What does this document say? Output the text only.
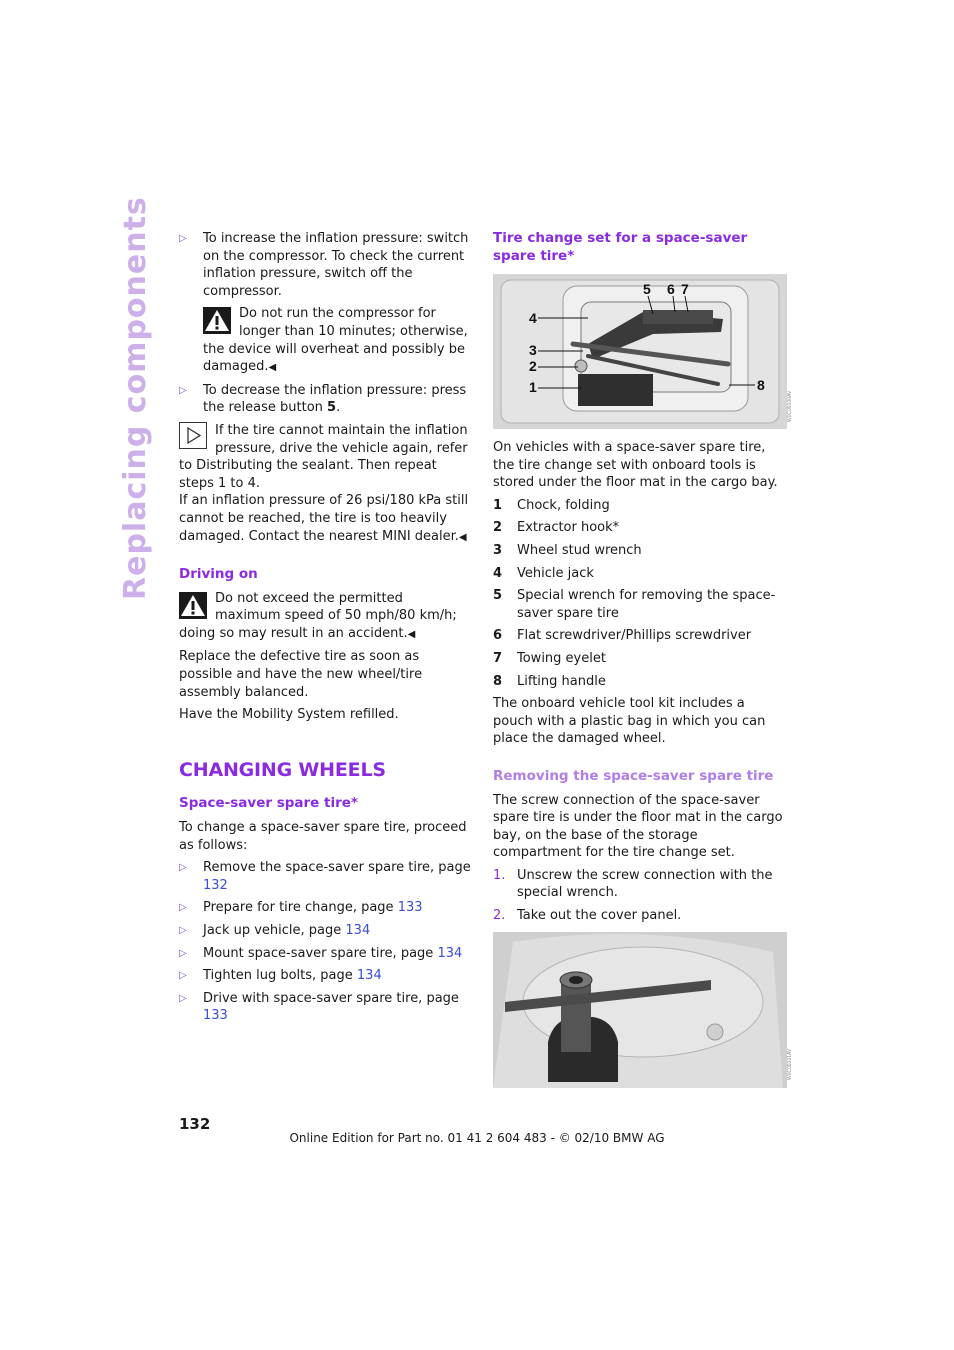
Replacing components	▷ To increase the inflation pressure: switch on the compressor. To check the current inflation pressure, switch off the compressor.
Do not run the compressor for longer than 10 minutes; otherwise, the device will overheat and possibly be damaged.◀
▷ To decrease the inflation pressure: press the release button 5.
If the tire cannot maintain the inflation pressure, drive the vehicle again, refer to Distributing the sealant. Then repeat steps 1 to 4.
If an inflation pressure of 26 psi/180 kPa still cannot be reached, the tire is too heavily damaged. Contact the nearest MINI dealer.◀
Driving on
Do not exceed the permitted maximum speed of 50 mph/80 km/h; doing so may result in an accident.◀

Replace the defective tire as soon as possible and have the new wheel/tire assembly balanced.

Have the Mobility System refilled.

CHANGING WHEELS
Space-saver spare tire*

To change a space-saver spare tire, proceed as follows:

▷ Remove the space-saver spare tire, page 132
▷ Prepare for tire change, page 133
▷ Jack up vehicle, page 134
▷ Mount space-saver spare tire, page 134
▷ Tighten lug bolts, page 134
▷ Drive with space-saver spare tire, page 133
Tire change set for a space-saver spare tire*
1
2
3
4
5 6 7
8
W0C09100AV

On vehicles with a space-saver spare tire, the tire change set with onboard tools is stored under the floor mat in the cargo bay.

1 Chock, folding
2 Extractor hook*
3 Wheel stud wrench
4 Vehicle jack
5 Special wrench for removing the space-saver spare tire
6 Flat screwdriver/Phillips screwdriver
7 Towing eyelet
8 Lifting handle

The onboard vehicle tool kit includes a pouch with a plastic bag in which you can place the damaged wheel.

Removing the space-saver spare tire

The screw connection of the space-saver spare tire is under the floor mat in the cargo bay, on the base of the storage compartment for the tire change set.

1. Unscrew the screw connection with the special wrench.
2. Take out the cover panel.
W0C09101AV
132
Online Edition for Part no. 01 41 2 604 483 - © 02/10 BMW AG
